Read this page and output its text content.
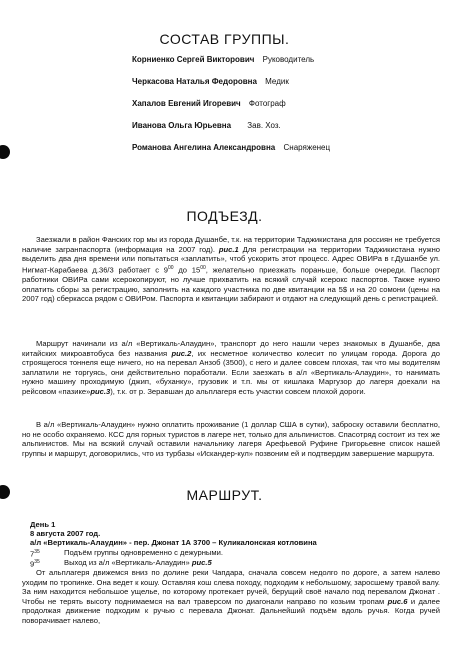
СОСТАВ ГРУППЫ.
Корниенко Сергей Викторович Руководитель
Черкасова Наталья Федоровна Медик
Хапалов Евгений Игоревич Фотограф
Иванова Ольга Юрьевна Зав. Хоз.
Романова Ангелина Александровна Снаряженец
ПОДЪЕЗД.
Заезжали в район Фанских гор мы из города Душанбе, т.к. на территории Таджикистана для россиян не требуется наличие загранпаспорта (информация на 2007 год). рис.1 Для регистрации на территории Таджикистана нужно выделить два дня времени или попытаться «заплатить», чтоб ускорить этот процесс. Адрес ОВИРа в г.Душанбе ул. Нигмат-Карабаева д.36/3 работает с $9^{00}$ до $15^{00}$, желательно приезжать пораньше, больше очереди. Паспорт работники ОВИРа сами ксерокопируют, но лучше прихватить на всякий случай ксерокс паспортов. Также нужно оплатить сборы за регистрацию, заполнить на каждого участника по две квитанции на 5$ и на 20 сомони (цены на 2007 год) сберкасса рядом с ОВИРом. Паспорта и квитанции забирают и отдают на следующий день с регистрацией.
Маршрут начинали из а/л «Вертикаль-Алаудин», транспорт до него нашли через знакомых в Душанбе, два китайских микроавтобуса без названия рис.2, их несметное количество колесит по улицам города. Дорога до строящегося тоннеля еще ничего, но на перевал Анзоб (3500), с него и далее совсем плохая, так что мы водителям заплатили не торгуясь, они действительно поработали. Если заезжать в а/л «Вертикаль-Алаудин», то нанимать нужно машину проходимую (джип, «буханку», грузовик и т.п. мы от кишлака Маргузор до лагеря доехали на рейсовом «пазике»рис.3), т.к. от р. Зеравшан до альплагеря есть участки совсем плохой дороги.
В а/л «Вертикаль-Алаудин» нужно оплатить проживание (1 доллар США в сутки), заброску оставили бесплатно, но не особо охраняемо. КСС для горных туристов в лагере нет, только для альпинистов. Спасотряд состоит из тех же альпинистов. Мы на всякий случай оставили начальнику лагеря Арефьевой Руфине Григорьевне список нашей группы и маршрут, договорились, что из турбазы «Искандер-кул» позвоним ей и подтвердим завершение маршрута.
МАРШРУТ.
День 1
8 августа 2007 год.
а/л «Вертикаль-Алаудин» - пер. Джонат 1А 3700 – Куликалонская котловина
$7^{35}$	Подъём группы одновременно с дежурными.
$9^{35}$	Выход из а/л «Вертикаль-Алаудин» рис.5
От альплагеря движемся вниз по долине реки Чапдара, сначала совсем недолго по дороге, а затем налево уходим по тропинке. Она ведет к кошу. Оставляя кош слева походу, подходим к небольшому, заросшему травой валу. За ним находится небольшое ущелье, по которому протекает ручей, берущий своё начало под перевалом Джонат . Чтобы не терять высоту поднимаемся на вал траверсом по диагонали направо по козьим тропам рис.6 и далее продолжая движение подходим к ручью с перевала Джонат. Дальнейший подъём вдоль ручья. Когда ручей поворачивает налево,
